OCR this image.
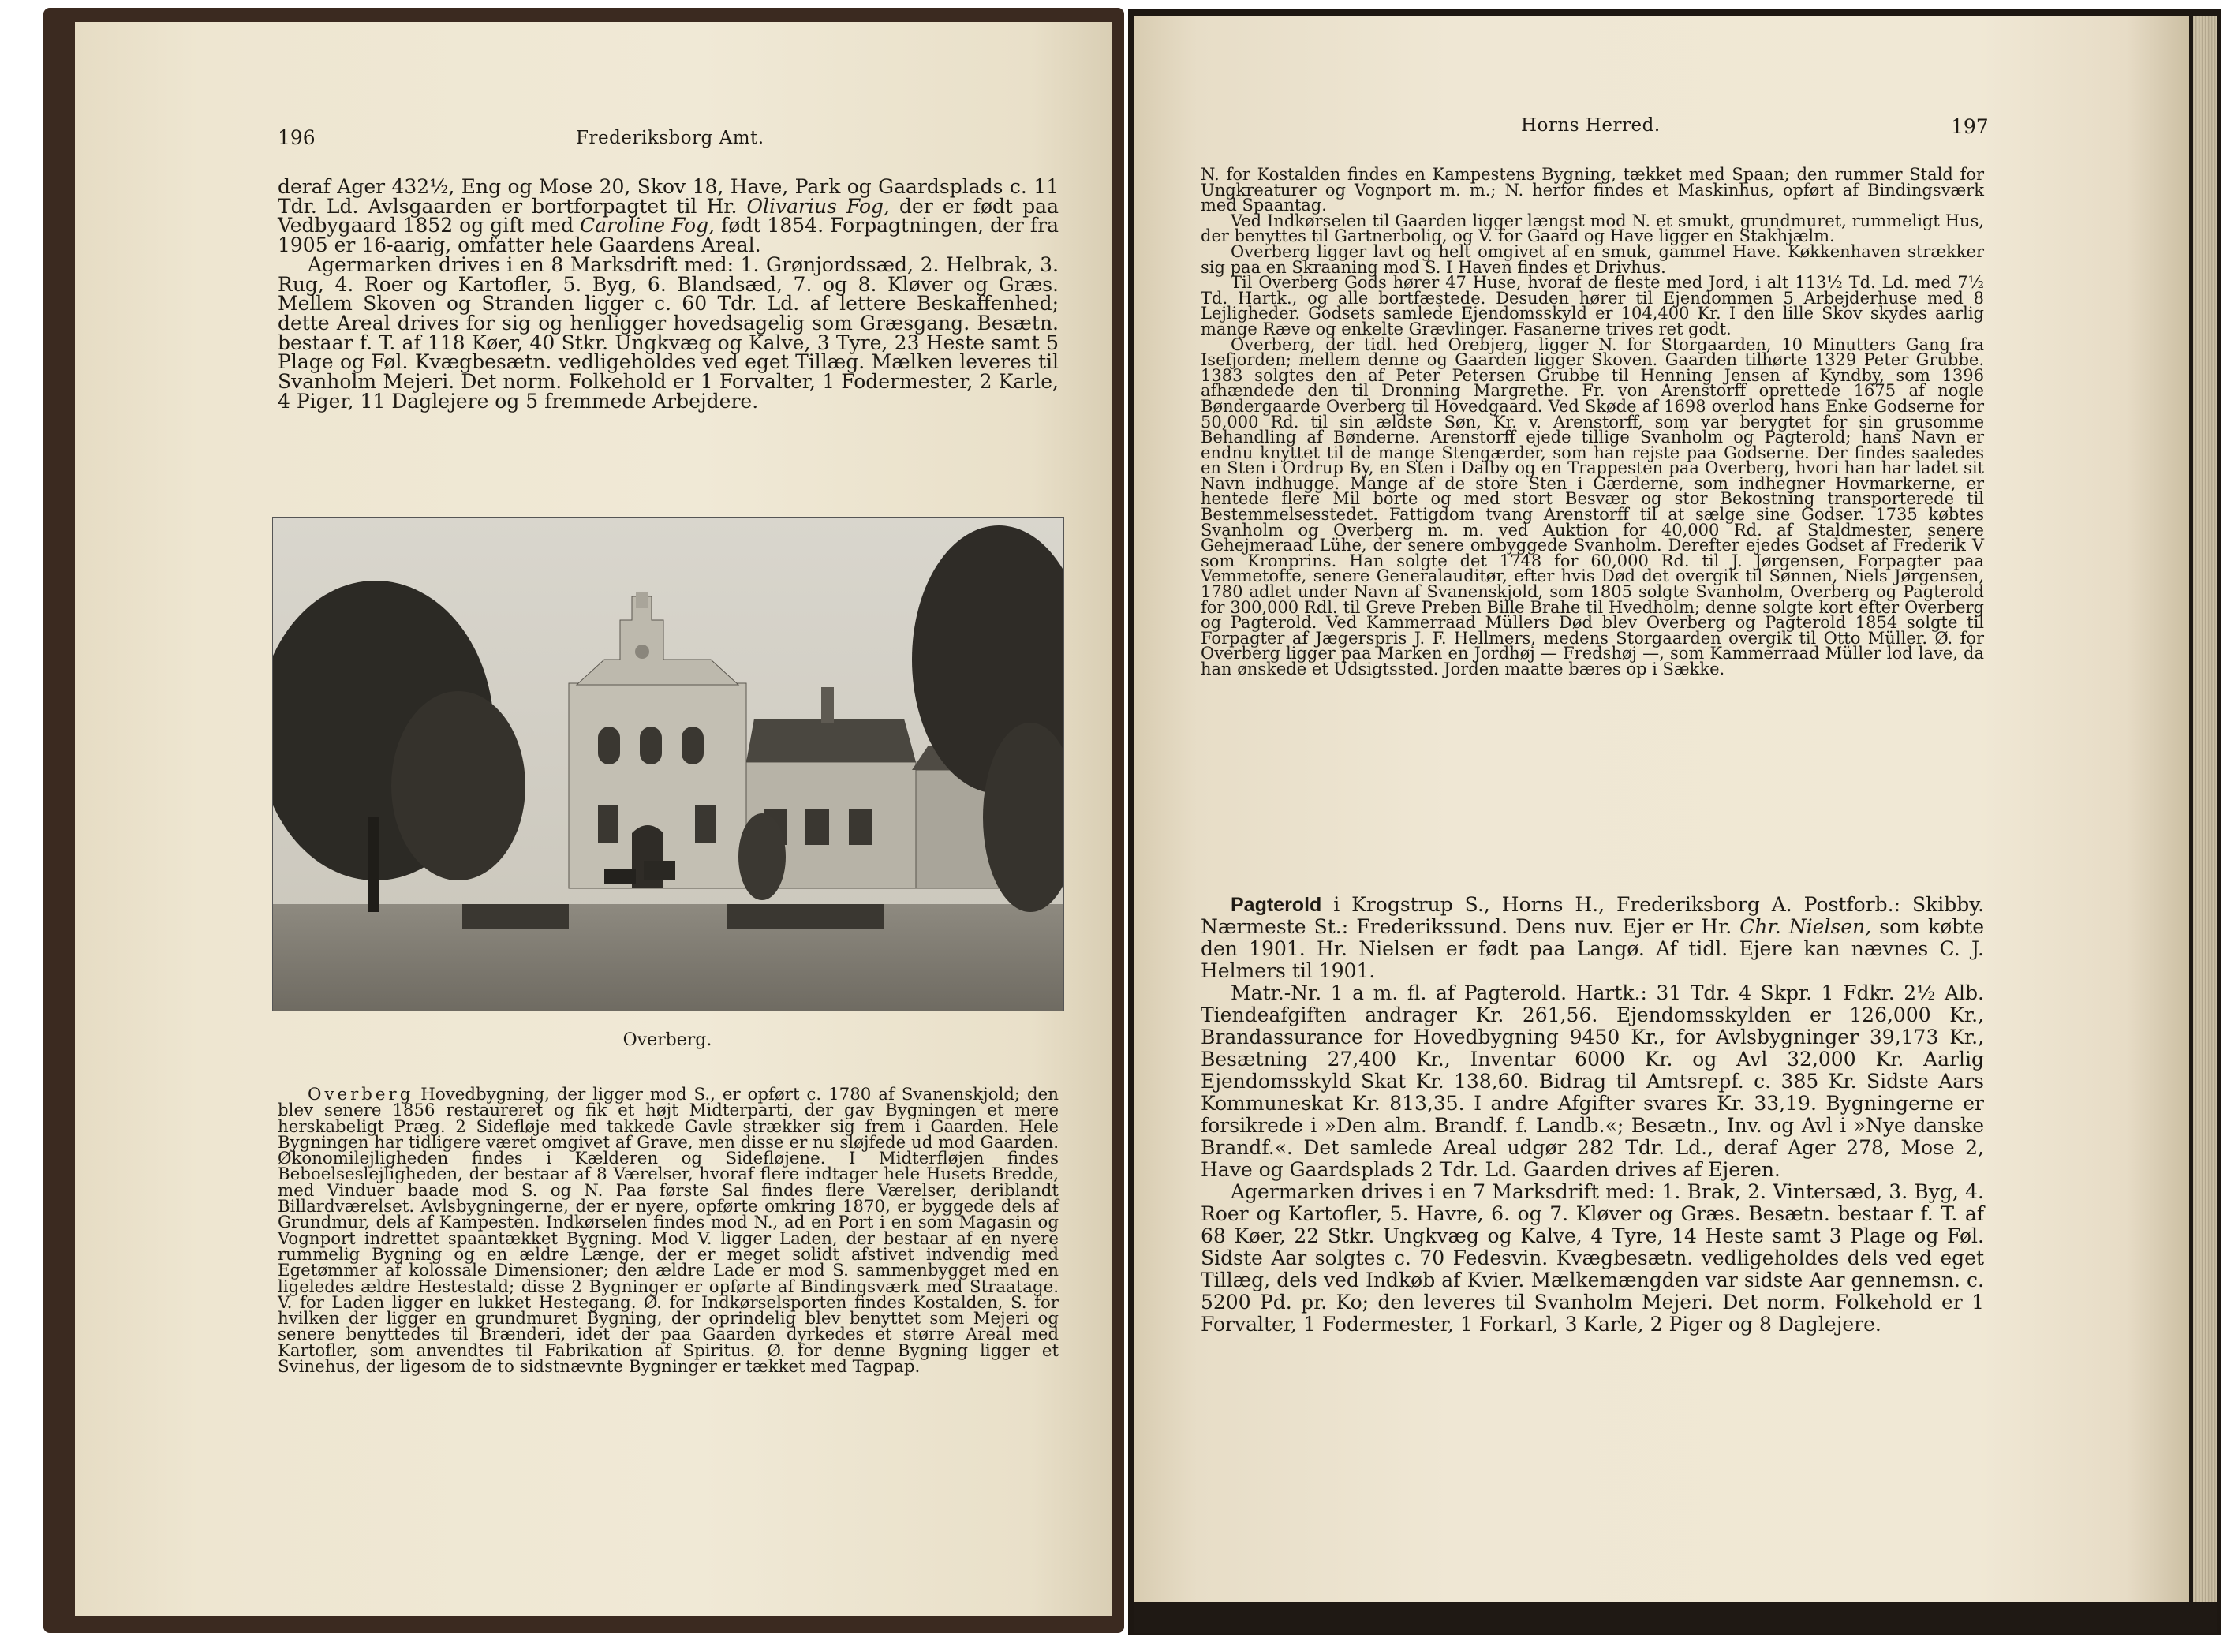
196	Frederiksborg Amt.

deraf Ager 432½, Eng og Mose 20, Skov 18, Have, Park og Gaardsplads c. 11 Tdr. Ld. Avlsgaarden er bortforpagtet til Hr. Olivarius Fog, der er født paa Vedbygaard 1852 og gift med Caroline Fog, født 1854. Forpagtningen, der fra 1905 er 16-aarig, omfatter hele Gaardens Areal.

Agermarken drives i en 8 Marksdrift med: 1. Grønjordssæd, 2. Helbrak, 3. Rug, 4. Roer og Kartofler, 5. Byg, 6. Blandsæd, 7. og 8. Kløver og Græs. Mellem Skoven og Stranden ligger c. 60 Tdr. Ld. af lettere Beskaffenhed; dette Areal drives for sig og henligger hovedsagelig som Græsgang. Besætn. bestaar f. T. af 118 Køer, 40 Stkr. Ungkvæg og Kalve, 3 Tyre, 23 Heste samt 5 Plage og Føl. Kvægbesætn. vedligeholdes ved eget Tillæg. Mælken leveres til Svanholm Mejeri. Det norm. Folkehold er 1 Forvalter, 1 Fodermester, 2 Karle, 4 Piger, 11 Daglejere og 5 fremmede Arbejdere.

Overberg.

Overberg Hovedbygning, der ligger mod S., er opført c. 1780 af Svanenskjold; den blev senere 1856 restaureret og fik et højt Midterparti, der gav Bygningen et mere herskabeligt Præg. 2 Sidefløje med takkede Gavle strækker sig frem i Gaarden. Hele Bygningen har tidligere været omgivet af Grave, men disse er nu sløjfede ud mod Gaarden. Økonomilejligheden findes i Kælderen og Sidefløjene. I Midterfløjen findes Beboelseslejligheden, der bestaar af 8 Værelser, hvoraf flere indtager hele Husets Bredde, med Vinduer baade mod S. og N. Paa første Sal findes flere Værelser, deriblandt Billardværelset. Avlsbygningerne, der er nyere, opførte omkring 1870, er byggede dels af Grundmur, dels af Kampesten. Indkørselen findes mod N., ad en Port i en som Magasin og Vognport indrettet spaantækket Bygning. Mod V. ligger Laden, der bestaar af en nyere rummelig Bygning og en ældre Længe, der er meget solidt afstivet indvendig med Egetømmer af kolossale Dimensioner; den ældre Lade er mod S. sammenbygget med en ligeledes ældre Hestestald; disse 2 Bygninger er opførte af Bindingsværk med Straatage. V. for Laden ligger en lukket Hestegang. Ø. for Indkørselsporten findes Kostalden, S. for hvilken der ligger en grundmuret Bygning, der oprindelig blev benyttet som Mejeri og senere benyttedes til Brænderi, idet der paa Gaarden dyrkedes et større Areal med Kartofler, som anvendtes til Fabrikation af Spiritus. Ø. for denne Bygning ligger et Svinehus, der ligesom de to sidstnævnte Bygninger er tækket med Tagpap.

Horns Herred.	197

N. for Kostalden findes en Kampestens Bygning, tækket med Spaan; den rummer Stald for Ungkreaturer og Vognport m. m.; N. herfor findes et Maskinhus, opført af Bindingsværk med Spaantag.

Ved Indkørselen til Gaarden ligger længst mod N. et smukt, grundmuret, rummeligt Hus, der benyttes til Gartnerbolig, og V. for Gaard og Have ligger en Stakhjælm.

Overberg ligger lavt og helt omgivet af en smuk, gammel Have. Køkkenhaven strækker sig paa en Skraaning mod S. I Haven findes et Drivhus.

Til Overberg Gods hører 47 Huse, hvoraf de fleste med Jord, i alt 113½ Td. Ld. med 7½ Td. Hartk., og alle bortfæstede. Desuden hører til Ejendommen 5 Arbejderhuse med 8 Lejligheder. Godsets samlede Ejendomsskyld er 104,400 Kr. I den lille Skov skydes aarlig mange Ræve og enkelte Grævlinger. Fasanerne trives ret godt.

Overberg, der tidl. hed Orebjerg, ligger N. for Storgaarden, 10 Minutters Gang fra Isefjorden; mellem denne og Gaarden ligger Skoven. Gaarden tilhørte 1329 Peter Grubbe. 1383 solgtes den af Peter Petersen Grubbe til Henning Jensen af Kyndby, som 1396 afhændede den til Dronning Margrethe. Fr. von Arenstorff oprettede 1675 af nogle Bøndergaarde Overberg til Hovedgaard. Ved Skøde af 1698 overlod hans Enke Godserne for 50,000 Rd. til sin ældste Søn, Kr. v. Arenstorff, som var berygtet for sin grusomme Behandling af Bønderne. Arenstorff ejede tillige Svanholm og Pagterold; hans Navn er endnu knyttet til de mange Stengærder, som han rejste paa Godserne. Der findes saaledes en Sten i Ordrup By, en Sten i Dalby og en Trappesten paa Overberg, hvori han har ladet sit Navn indhugge. Mange af de store Sten i Gærderne, som indhegner Hovmarkerne, er hentede flere Mil borte og med stort Besvær og stor Bekostning transporterede til Bestemmelsesstedet. Fattigdom tvang Arenstorff til at sælge sine Godser. 1735 købtes Svanholm og Overberg m. m. ved Auktion for 40,000 Rd. af Staldmester, senere Gehejmeraad Lühe, der senere ombyggede Svanholm. Derefter ejedes Godset af Frederik V som Kronprins. Han solgte det 1748 for 60,000 Rd. til J. Jørgensen, Forpagter paa Vemmetofte, senere Generalauditør, efter hvis Død det overgik til Sønnen, Niels Jørgensen, 1780 adlet under Navn af Svanenskjold, som 1805 solgte Svanholm, Overberg og Pagterold for 300,000 Rdl. til Greve Preben Bille Brahe til Hvedholm; denne solgte kort efter Overberg og Pagterold. Ved Kammerraad Müllers Død blev Overberg og Pagterold 1854 solgte til Forpagter af Jægerspris J. F. Hellmers, medens Storgaarden overgik til Otto Müller. Ø. for Overberg ligger paa Marken en Jordhøj — Fredshøj —, som Kammerraad Müller lod lave, da han ønskede et Udsigtssted. Jorden maatte bæres op i Sække.

Pagterold i Krogstrup S., Horns H., Frederiksborg A. Postforb.: Skibby. Nærmeste St.: Frederikssund. Dens nuv. Ejer er Hr. Chr. Nielsen, som købte den 1901. Hr. Nielsen er født paa Langø. Af tidl. Ejere kan nævnes C. J. Helmers til 1901.

Matr.-Nr. 1 a m. fl. af Pagterold. Hartk.: 31 Tdr. 4 Skpr. 1 Fdkr. 2½ Alb. Tiendeafgiften andrager Kr. 261,56. Ejendomsskylden er 126,000 Kr., Brandassurance for Hovedbygning 9450 Kr., for Avlsbygninger 39,173 Kr., Besætning 27,400 Kr., Inventar 6000 Kr. og Avl 32,000 Kr. Aarlig Ejendomsskyld Skat Kr. 138,60. Bidrag til Amtsrepf. c. 385 Kr. Sidste Aars Kommuneskat Kr. 813,35. I andre Afgifter svares Kr. 33,19. Bygningerne er forsikrede i »Den alm. Brandf. f. Landb.«; Besætn., Inv. og Avl i »Nye danske Brandf.«. Det samlede Areal udgør 282 Tdr. Ld., deraf Ager 278, Mose 2, Have og Gaardsplads 2 Tdr. Ld. Gaarden drives af Ejeren.

Agermarken drives i en 7 Marksdrift med: 1. Brak, 2. Vintersæd, 3. Byg, 4. Roer og Kartofler, 5. Havre, 6. og 7. Kløver og Græs. Besætn. bestaar f. T. af 68 Køer, 22 Stkr. Ungkvæg og Kalve, 4 Tyre, 14 Heste samt 3 Plage og Føl. Sidste Aar solgtes c. 70 Fedesvin. Kvægbesætn. vedligeholdes dels ved eget Tillæg, dels ved Indkøb af Kvier. Mælkemængden var sidste Aar gennemsn. c. 5200 Pd. pr. Ko; den leveres til Svanholm Mejeri. Det norm. Folkehold er 1 Forvalter, 1 Fodermester, 1 Forkarl, 3 Karle, 2 Piger og 8 Daglejere.
